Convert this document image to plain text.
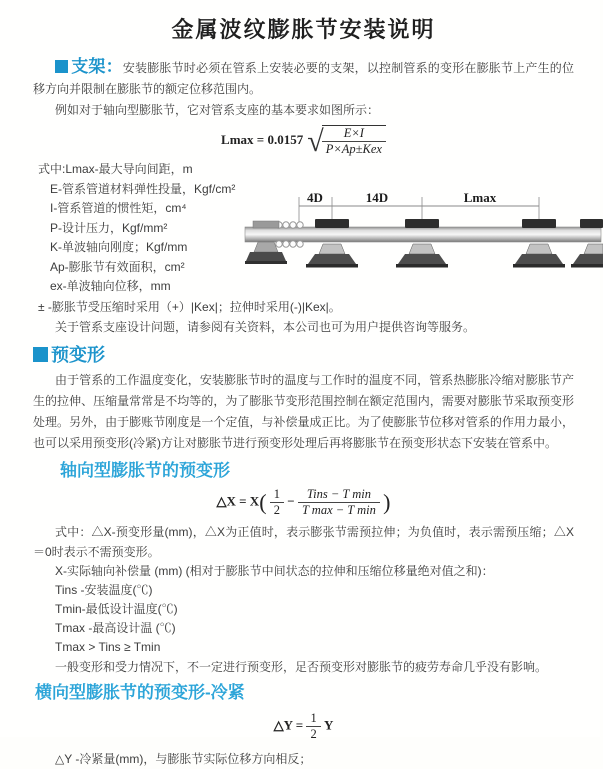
金属波纹膨胀节安装说明

支架：安装膨胀节时必须在管系上安装必要的支架，以控制管系的变形在膨胀节上产生的位移方向并限制在膨胀节的额定位移范围内。

例如对于轴向型膨胀节，它对管系支座的基本要求如图所示：

Lmax = 0.0157 √
$\frac{E\times I}{\text{P×Ap±Kex}}$
式中:Lmax-最大导向间距，m
E-管系管道材料弹性投量，Kgf/cm²
I-管系管道的惯性矩，cm⁴
P-设计压力，Kgf/mm²
K-单波轴向刚度；Kgf/mm
Ap-膨胀节有效面积，cm²
ex-单波轴向位移，mm
4D	14D	Lmax
± -膨胀节受压缩时采用（+）|Kex|；拉伸时采用(-)|Kex|。
关于管系支座设计问题，请参阅有关资料，本公司也可为用户提供咨询等服务。
预变形

由于管系的工作温度变化，安装膨胀节时的温度与工作时的温度不同，管系热膨胀冷缩对膨胀节产生的拉伸、压缩量常常是不均等的，为了膨胀节变形范围控制在额定范围内，需要对膨胀节采取预变形处理。另外，由于膨账节刚度是一个定值，与补偿量成正比。为了使膨胀节位移对管系的作用力最小，也可以采用预变形(冷紧)方让对膨胀节进行预变形处理后再将膨胀节在预变形状态下安装在管系中。

轴向型膨胀节的预变形
△X = $X( \frac{1}{2} - \frac{\text{Tins − T min}}{\text{T max − T min}}$ )

式中：△X-预变形量(mm)，△X为正值时，表示膨张节需预拉伸；为负值时，表示需预压缩；△X＝0时表示不需预变形。

X-实际轴向补偿量 (mm) (相对于膨胀节中间状态的拉伸和压缩位移量绝对值之和)：
Tins -安装温度(℃)
Tmin-最低设计温度(℃)
Tmax -最高设计温 (℃)
Tmax > Tins ≥ Tmin

一般变形和受力情况下，不一定进行预变形，足否预变形对膨胀节的疲劳寿命几乎没有影响。

横向型膨胀节的预变形-冷紧
△Y = $\frac{1}{2}$ Y
△Y -冷紧量(mm)，与膨胀节实际位移方向相反；
